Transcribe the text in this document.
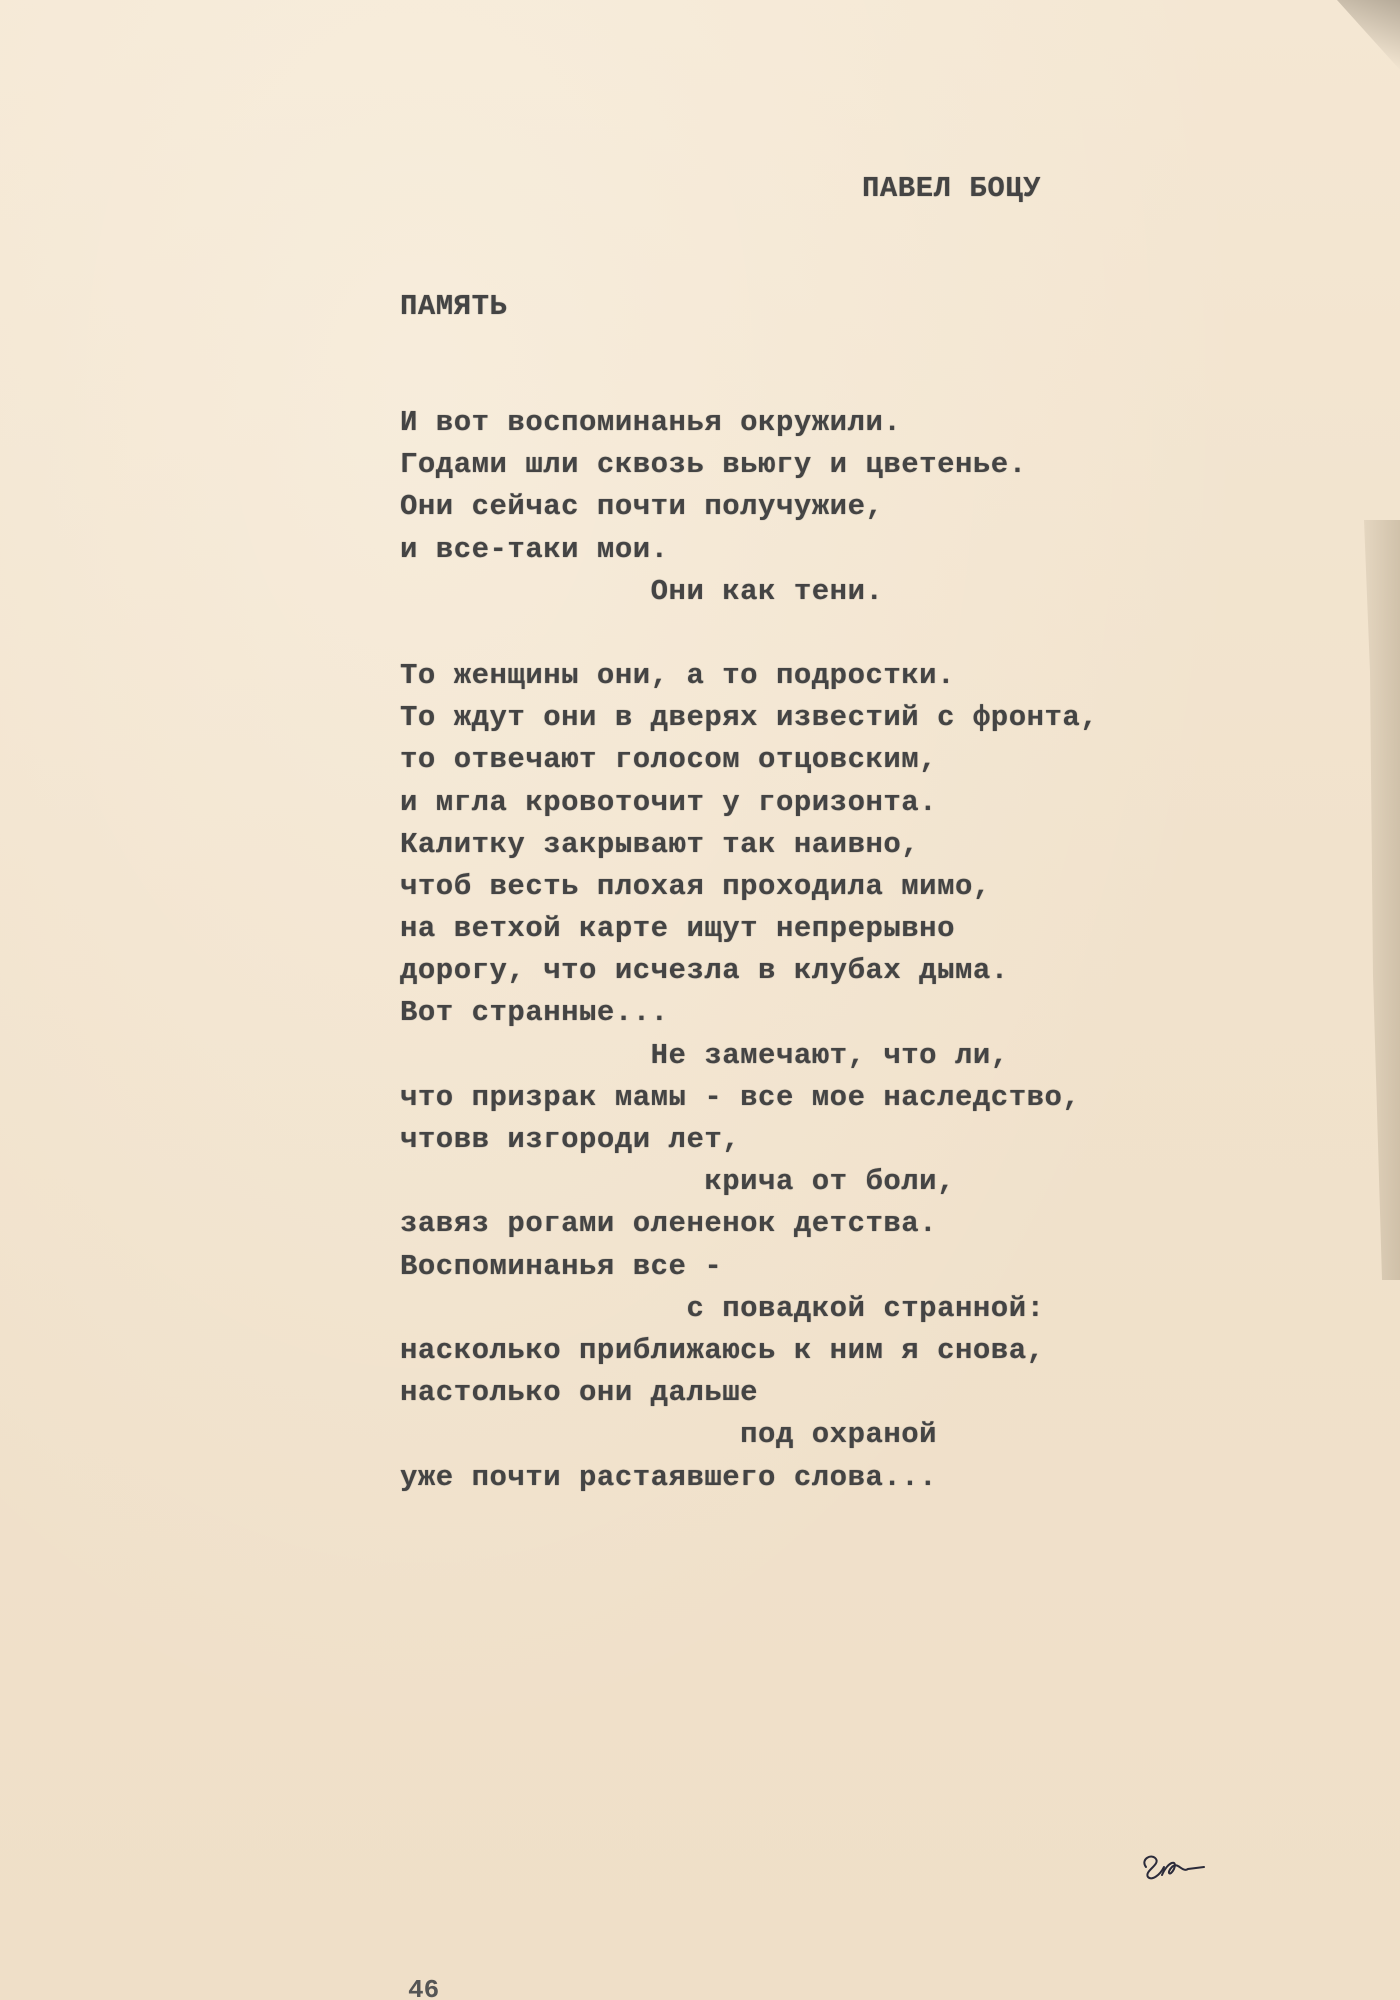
ПАВЕЛ БОЦУ
ПАМЯТЬ
И вот воспоминанья окружили.
Годами шли сквозь вьюгу и цветенье.
Они сейчас почти получужие,
и все-таки мои.
Они как тени.
То женщины они, а то подростки.
То ждут они в дверях известий с фронта,
то отвечают голосом отцовским,
и мгла кровоточит у горизонта.
Калитку закрывают так наивно,
чтоб весть плохая проходила мимо,
на ветхой карте ищут непрерывно
дорогу, что исчезла в клубах дыма.
Вот странные...
Не замечают, что ли,
что призрак мамы - все мое наследство,
чтовв изгороди лет,
крича от боли,
завяз рогами олененок детства.
Воспоминанья все -
с повадкой странной:
насколько приближаюсь к ним я снова,
настолько они дальше
под охраной
уже почти растаявшего слова...
46
